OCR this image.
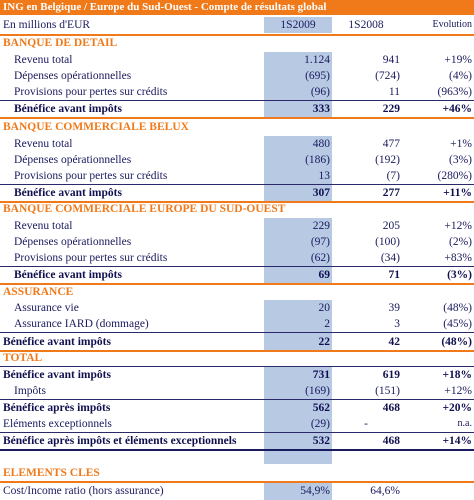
ING en Belgique / Europe du Sud-Ouest - Compte de résultats global
En millions d'EUR	1S2009	1S2008	Evolution
BANQUE DE DETAIL
Revenu total	1.124	941	+19%
Dépenses opérationnelles	(695)	(724)	(4%)
Provisions pour pertes sur crédits	(96)	11	(963%)
Bénéfice avant impôts	333	229	+46%
BANQUE COMMERCIALE BELUX
Revenu total	480	477	+1%
Dépenses opérationnelles	(186)	(192)	(3%)
Provisions pour pertes sur crédits	13	(7)	(280%)
Bénéfice avant impôts	307	277	+11%
BANQUE COMMERCIALE EUROPE DU SUD-OUEST
Revenu total	229	205	+12%
Dépenses opérationnelles	(97)	(100)	(2%)
Provisions pour pertes sur crédits	(62)	(34)	+83%
Bénéfice avant impôts	69	71	(3%)
ASSURANCE
Assurance vie	20	39	(48%)
Assurance IARD (dommage)	2	3	(45%)
Bénéfice avant impôts	22	42	(48%)
TOTAL
Bénéfice avant impôts	731	619	+18%
Impôts	(169)	(151)	+12%
Bénéfice après impôts	562	468	+20%
Eléments exceptionnels	(29)	-	n.a.
Bénéfice après impôts et éléments exceptionnels	532	468	+14%
ELEMENTS CLES
Cost/Income ratio (hors assurance)	54,9%	64,6%
